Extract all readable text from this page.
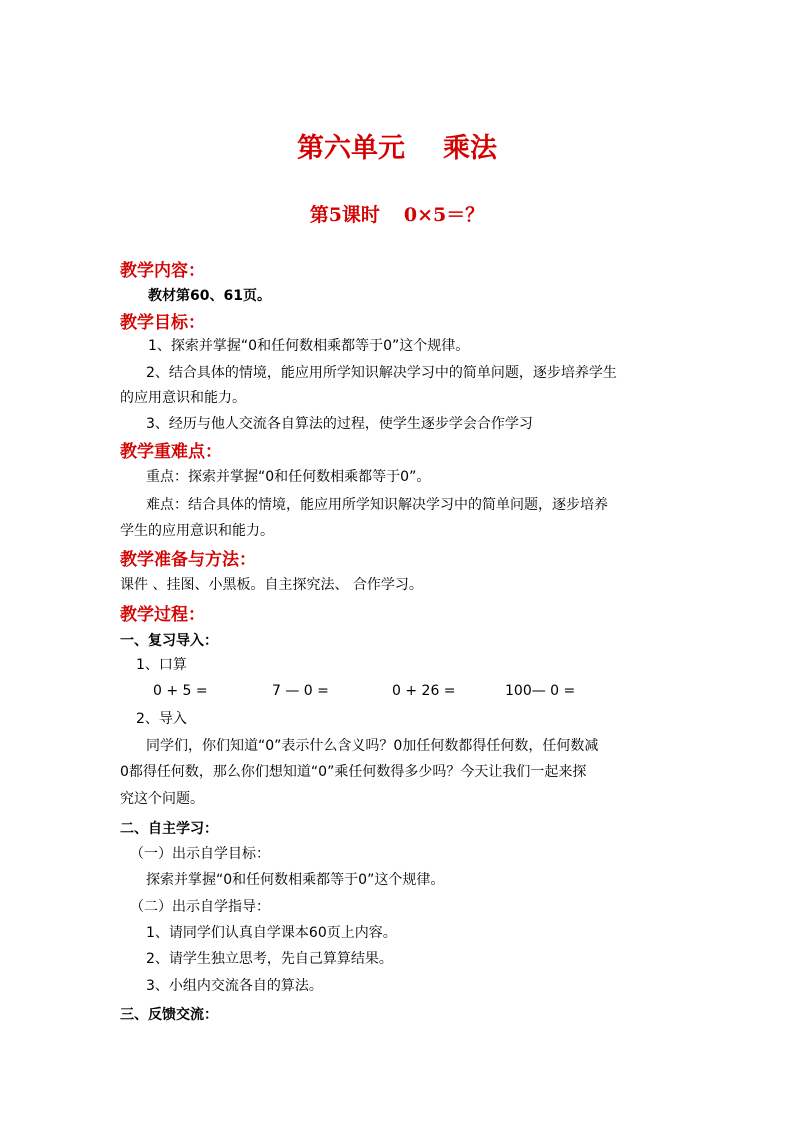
第六单元 乘法
第5课时 0×5＝？
教学内容：
教材第60、61页。
教学目标：
1、探索并掌握“0和任何数相乘都等于0”这个规律。
2、结合具体的情境，能应用所学知识解决学习中的简单问题，逐步培养学生
的应用意识和能力。
3、经历与他人交流各自算法的过程，使学生逐步学会合作学习
教学重难点：
重点：探索并掌握“0和任何数相乘都等于0”。
难点：结合具体的情境，能应用所学知识解决学习中的简单问题，逐步培养
学生的应用意识和能力。
教学准备与方法：
课件 、挂图、小黑板。自主探究法、 合作学习。
教学过程：
一、复习导入：
1、口算
0 + 5 =	7 — 0 =	0 + 26 =	100— 0 =
2、导入
同学们，你们知道“0”表示什么含义吗？0加任何数都得任何数，任何数减
0都得任何数，那么你们想知道“0”乘任何数得多少吗？今天让我们一起来探
究这个问题。
二、自主学习：
（一）出示自学目标：
探索并掌握“0和任何数相乘都等于0”这个规律。
（二）出示自学指导：
1、请同学们认真自学课本60页上内容。
2、请学生独立思考，先自己算算结果。
3、小组内交流各自的算法。
三、反馈交流：
